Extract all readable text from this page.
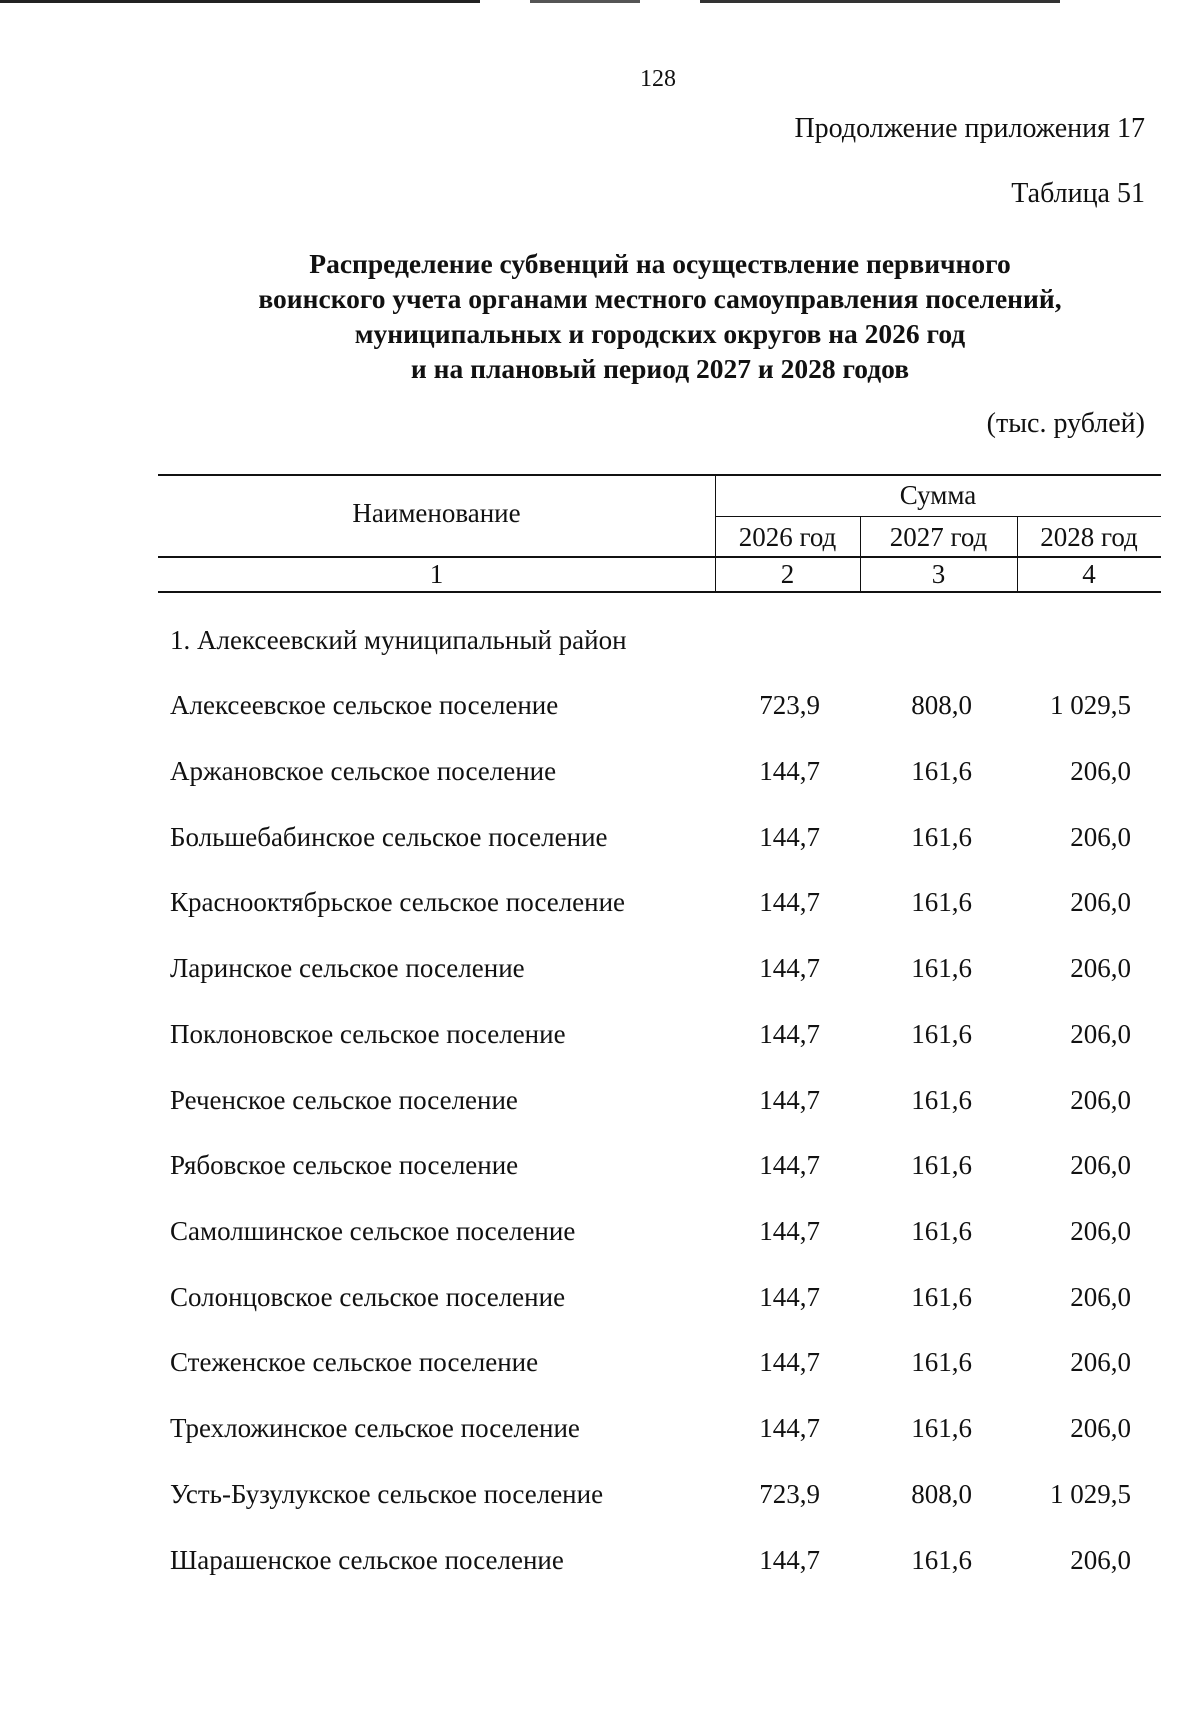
128
Продолжение приложения 17
Таблица 51
Распределение субвенций на осуществление первичного
воинского учета органами местного самоуправления поселений,
муниципальных и городских округов на 2026 год
и на плановый период 2027 и 2028 годов
(тыс. рублей)
Наименование
Сумма
2026 год	2027 год	2028 год
1	2	3	4
1. Алексеевский муниципальный район
Алексеевское сельское поселение	723,9	808,0	1 029,5
Аржановское сельское поселение	144,7	161,6	206,0
Большебабинское сельское поселение	144,7	161,6	206,0
Краснооктябрьское сельское поселение	144,7	161,6	206,0
Ларинское сельское поселение	144,7	161,6	206,0
Поклоновское сельское поселение	144,7	161,6	206,0
Реченское сельское поселение	144,7	161,6	206,0
Рябовское сельское поселение	144,7	161,6	206,0
Самолшинское сельское поселение	144,7	161,6	206,0
Солонцовское сельское поселение	144,7	161,6	206,0
Стеженское сельское поселение	144,7	161,6	206,0
Трехложинское сельское поселение	144,7	161,6	206,0
Усть-Бузулукское сельское поселение	723,9	808,0	1 029,5
Шарашенское сельское поселение	144,7	161,6	206,0
